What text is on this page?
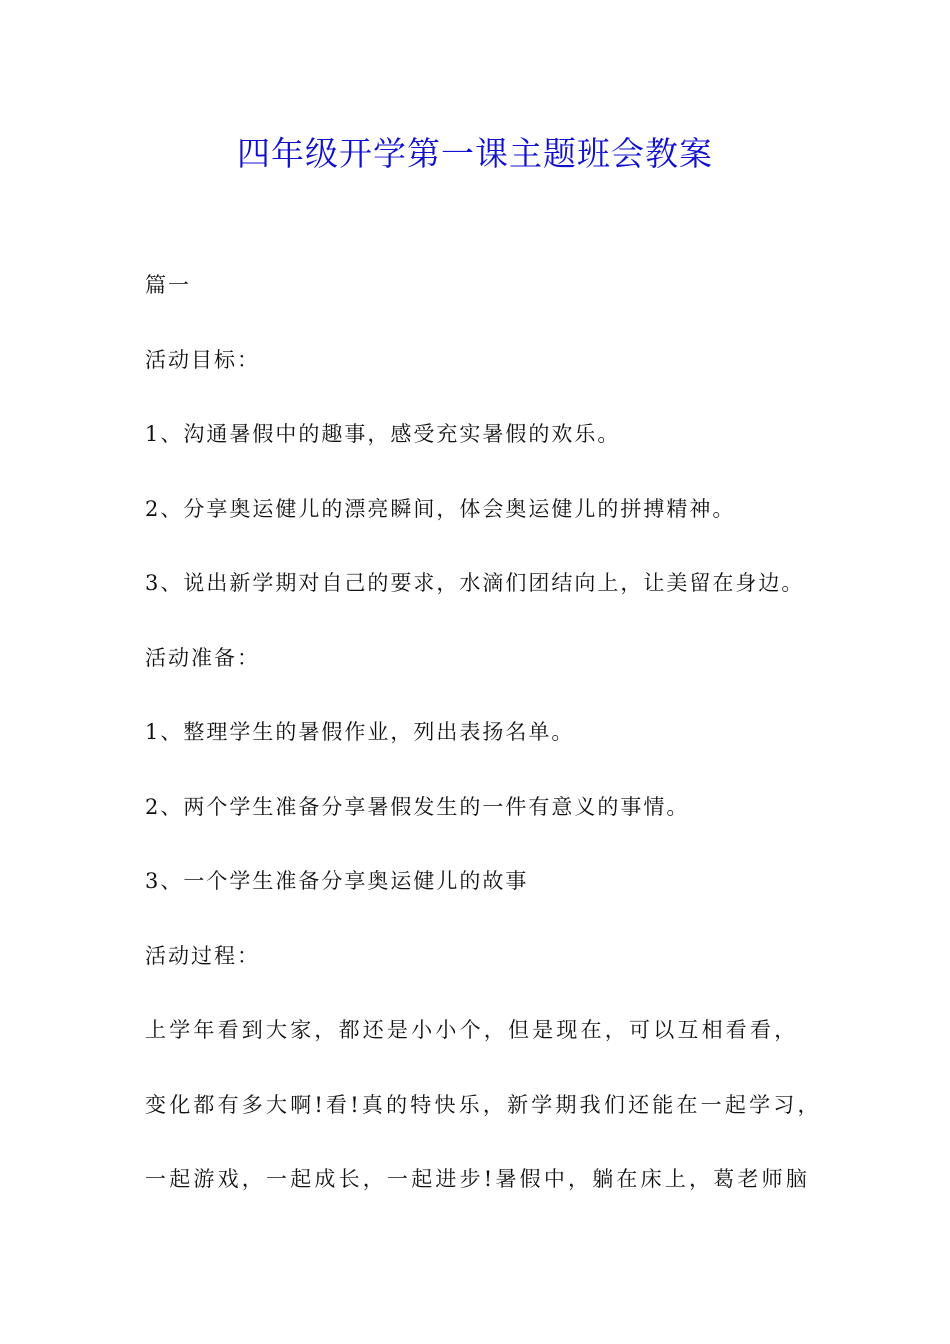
四年级开学第一课主题班会教案

篇一

活动目标：

1、沟通暑假中的趣事，感受充实暑假的欢乐。

2、分享奥运健儿的漂亮瞬间，体会奥运健儿的拼搏精神。

3、说出新学期对自己的要求，水滴们团结向上，让美留在身边。

活动准备：

1、整理学生的暑假作业，列出表扬名单。

2、两个学生准备分享暑假发生的一件有意义的事情。

3、一个学生准备分享奥运健儿的故事

活动过程：

上学年看到大家，都还是小小个，但是现在，可以互相看看，

变化都有多大啊!看!真的特快乐，新学期我们还能在一起学习，

一起游戏，一起成长，一起进步!暑假中，躺在床上，葛老师脑
